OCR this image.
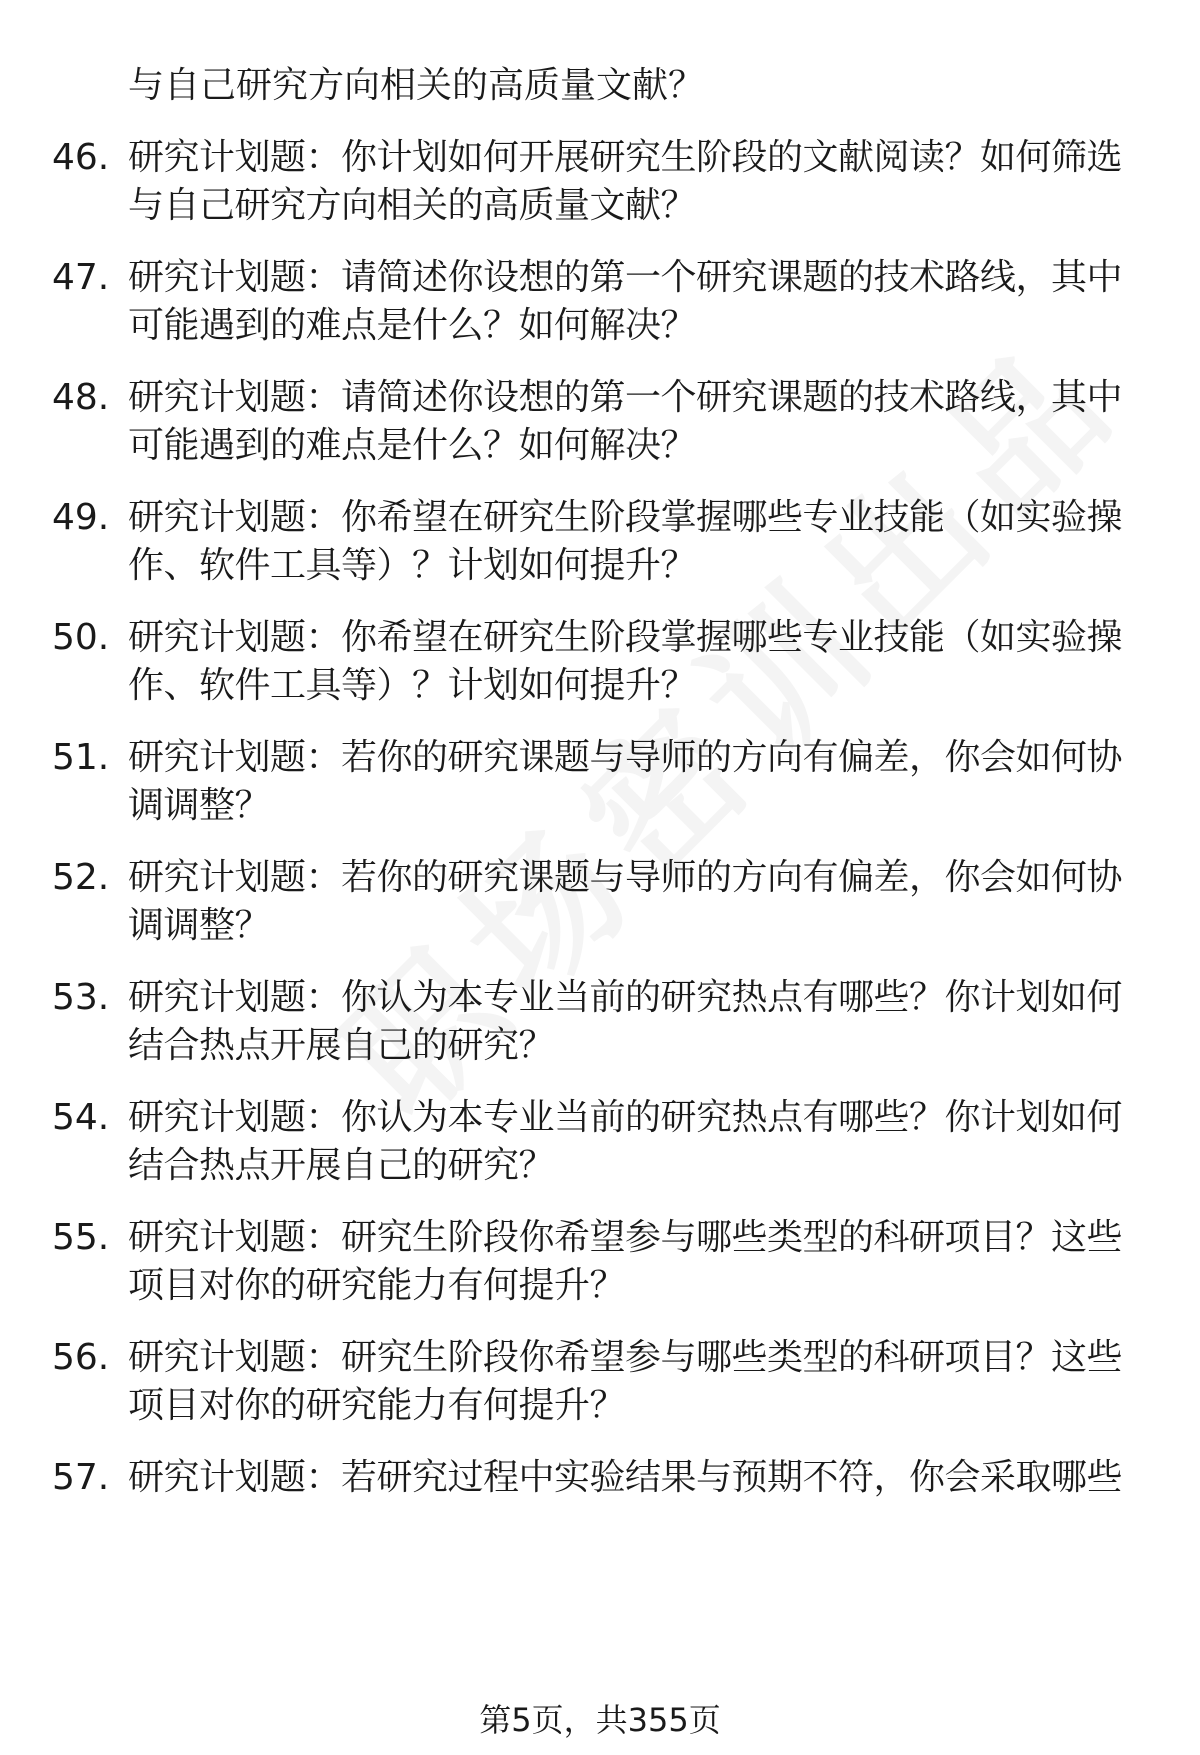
与自己研究方向相关的高质量文献？
46. 研究计划题：你计划如何开展研究生阶段的文献阅读？如何筛选与自己研究方向相关的高质量文献？
47. 研究计划题：请简述你设想的第一个研究课题的技术路线，其中可能遇到的难点是什么？如何解决？
48. 研究计划题：请简述你设想的第一个研究课题的技术路线，其中可能遇到的难点是什么？如何解决？
49. 研究计划题：你希望在研究生阶段掌握哪些专业技能（如实验操作、软件工具等）？计划如何提升？
50. 研究计划题：你希望在研究生阶段掌握哪些专业技能（如实验操作、软件工具等）？计划如何提升？
51. 研究计划题：若你的研究课题与导师的方向有偏差，你会如何协调调整？
52. 研究计划题：若你的研究课题与导师的方向有偏差，你会如何协调调整？
53. 研究计划题：你认为本专业当前的研究热点有哪些？你计划如何结合热点开展自己的研究？
54. 研究计划题：你认为本专业当前的研究热点有哪些？你计划如何结合热点开展自己的研究？
55. 研究计划题：研究生阶段你希望参与哪些类型的科研项目？这些项目对你的研究能力有何提升？
56. 研究计划题：研究生阶段你希望参与哪些类型的科研项目？这些项目对你的研究能力有何提升？
57. 研究计划题：若研究过程中实验结果与预期不符，你会采取哪些
第5页，共355页
